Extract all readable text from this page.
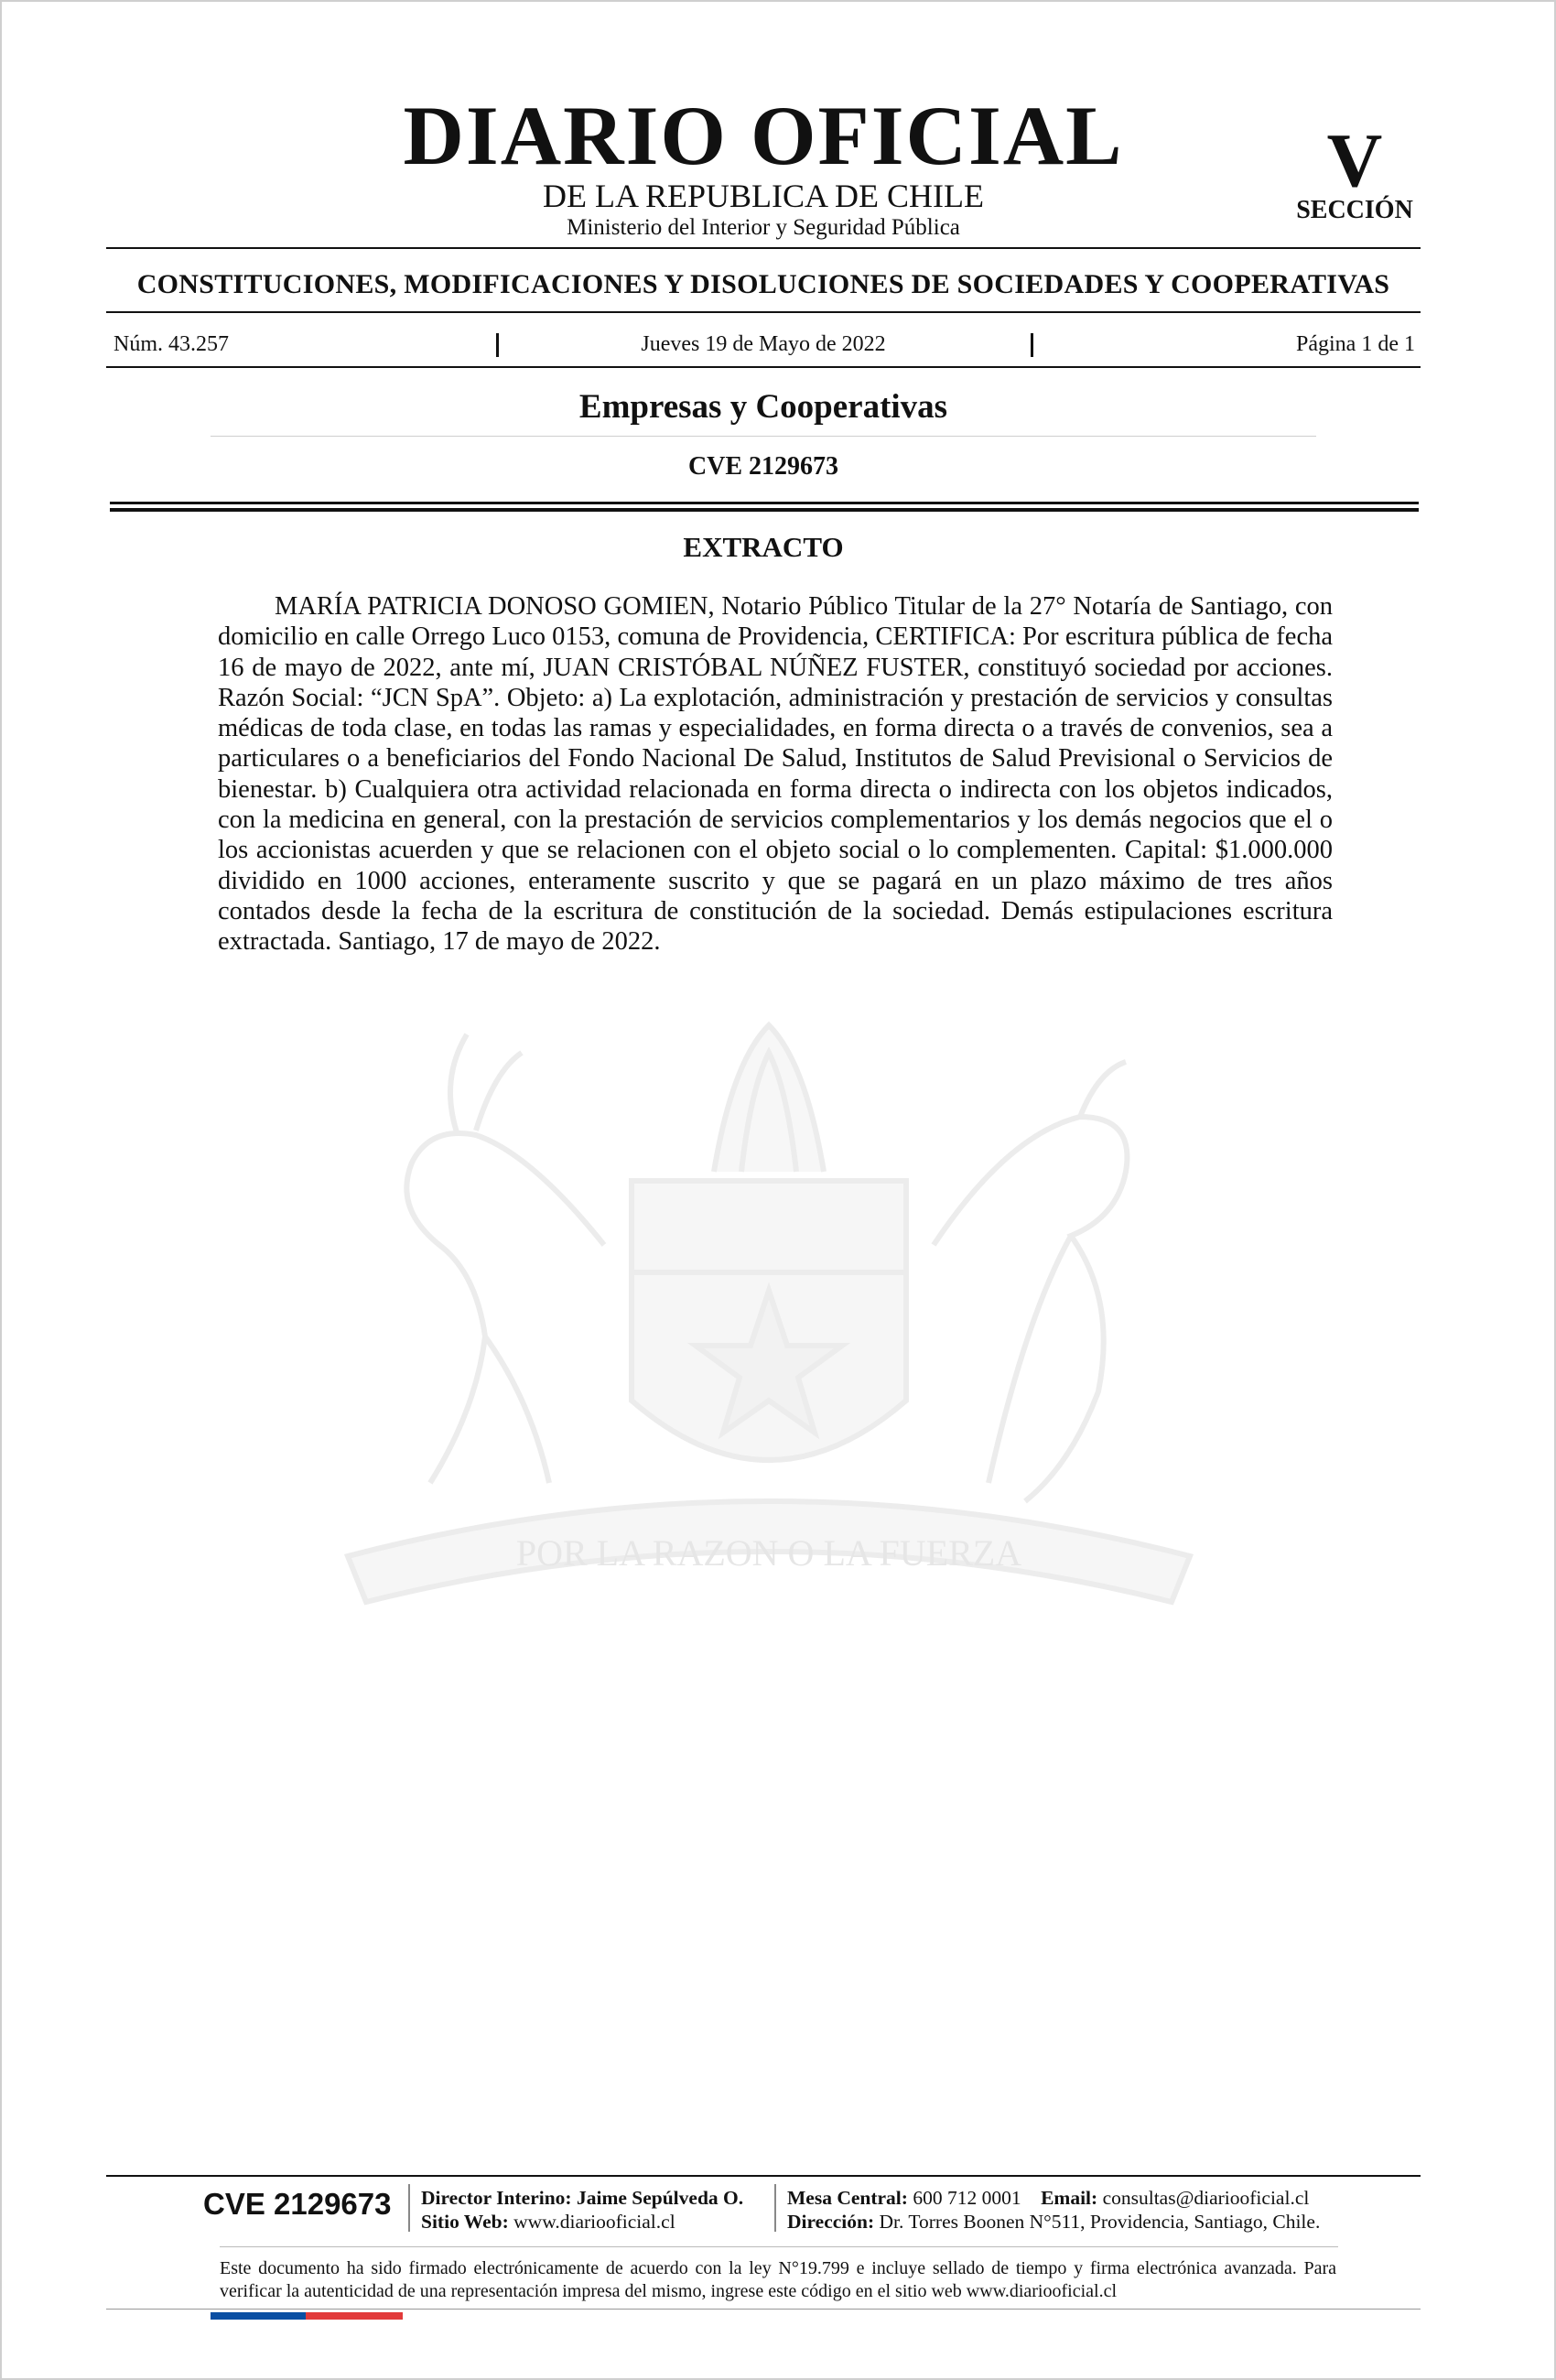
POR LA RAZON O LA FUERZA
DIARIO OFICIAL
DE LA REPUBLICA DE CHILE
Ministerio del Interior y Seguridad Pública
V
SECCIÓN
CONSTITUCIONES, MODIFICACIONES Y DISOLUCIONES DE SOCIEDADES Y COOPERATIVAS
Núm. 43.257	Jueves 19 de Mayo de 2022	Página 1 de 1
Empresas y Cooperativas
CVE 2129673
EXTRACTO
MARÍA PATRICIA DONOSO GOMIEN, Notario Público Titular de la 27° Notaría de Santiago, con domicilio en calle Orrego Luco 0153, comuna de Providencia, CERTIFICA: Por escritura pública de fecha 16 de mayo de 2022, ante mí, JUAN CRISTÓBAL NÚÑEZ FUSTER, constituyó sociedad por acciones. Razón Social: “JCN SpA”. Objeto: a) La explotación, administración y prestación de servicios y consultas médicas de toda clase, en todas las ramas y especialidades, en forma directa o a través de convenios, sea a particulares o a beneficiarios del Fondo Nacional De Salud, Institutos de Salud Previsional o Servicios de bienestar. b) Cualquiera otra actividad relacionada en forma directa o indirecta con los objetos indicados, con la medicina en general, con la prestación de servicios complementarios y los demás negocios que el o los accionistas acuerden y que se relacionen con el objeto social o lo complementen. Capital: $1.000.000 dividido en 1000 acciones, enteramente suscrito y que se pagará en un plazo máximo de tres años contados desde la fecha de la escritura de constitución de la sociedad. Demás estipulaciones escritura extractada. Santiago, 17 de mayo de 2022.
CVE 2129673 Director Interino: Jaime Sepúlveda O.
Sitio Web: www.diariooficial.cl
Mesa Central: 600 712 0001 Email: consultas@diariooficial.cl
Dirección: Dr. Torres Boonen N°511, Providencia, Santiago, Chile.
Este documento ha sido firmado electrónicamente de acuerdo con la ley N°19.799 e incluye sellado de tiempo y firma electrónica avanzada. Para verificar la autenticidad de una representación impresa del mismo, ingrese este código en el sitio web www.diariooficial.cl
